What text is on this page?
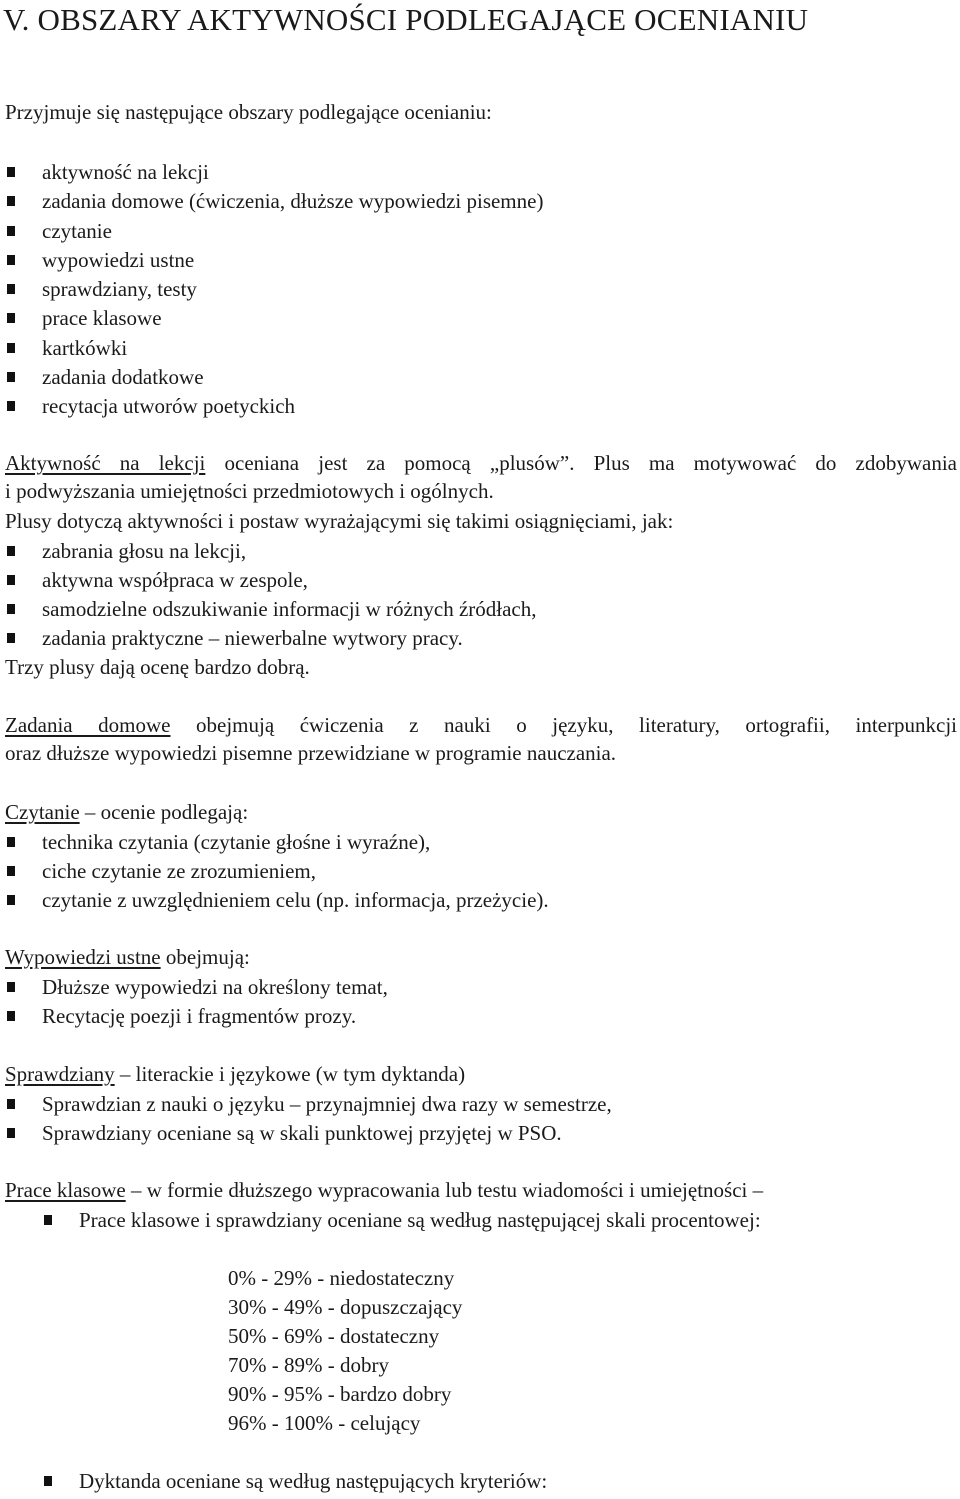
V. OBSZARY AKTYWNOŚCI PODLEGAJĄCE OCENIANIU

Przyjmuje się następujące obszary podlegające ocenianiu:

aktywność na lekcji
zadania domowe (ćwiczenia, dłuższe wypowiedzi pisemne)
czytanie
wypowiedzi ustne
sprawdziany, testy
prace klasowe
kartkówki
zadania dodatkowe
recytacja utworów poetyckich

Aktywność na lekcji oceniana jest za pomocą „plusów”. Plus ma motywować do zdobywania

i podwyższania umiejętności przedmiotowych i ogólnych.

Plusy dotyczą aktywności i postaw wyrażającymi się takimi osiągnięciami, jak:

zabrania głosu na lekcji,
aktywna współpraca w zespole,
samodzielne odszukiwanie informacji w różnych źródłach,
zadania praktyczne – niewerbalne wytwory pracy.

Trzy plusy dają ocenę bardzo dobrą.

Zadania domowe obejmują ćwiczenia z nauki o języku, literatury, ortografii, interpunkcji

oraz dłuższe wypowiedzi pisemne przewidziane w programie nauczania.

Czytanie – ocenie podlegają:

technika czytania (czytanie głośne i wyraźne),
ciche czytanie ze zrozumieniem,
czytanie z uwzględnieniem celu (np. informacja, przeżycie).

Wypowiedzi ustne obejmują:

Dłuższe wypowiedzi na określony temat,
Recytację poezji i fragmentów prozy.

Sprawdziany – literackie i językowe (w tym dyktanda)

Sprawdzian z nauki o języku – przynajmniej dwa razy w semestrze,
Sprawdziany oceniane są w skali punktowej przyjętej w PSO.

Prace klasowe – w formie dłuższego wypracowania lub testu wiadomości i umiejętności –

Prace klasowe i sprawdziany oceniane są według następującej skali procentowej:
0% - 29% - niedostateczny
30% - 49% - dopuszczający
50% - 69% - dostateczny
70% - 89% - dobry
90% - 95% - bardzo dobry
96% - 100% - celujący
Dyktanda oceniane są według następujących kryteriów:
